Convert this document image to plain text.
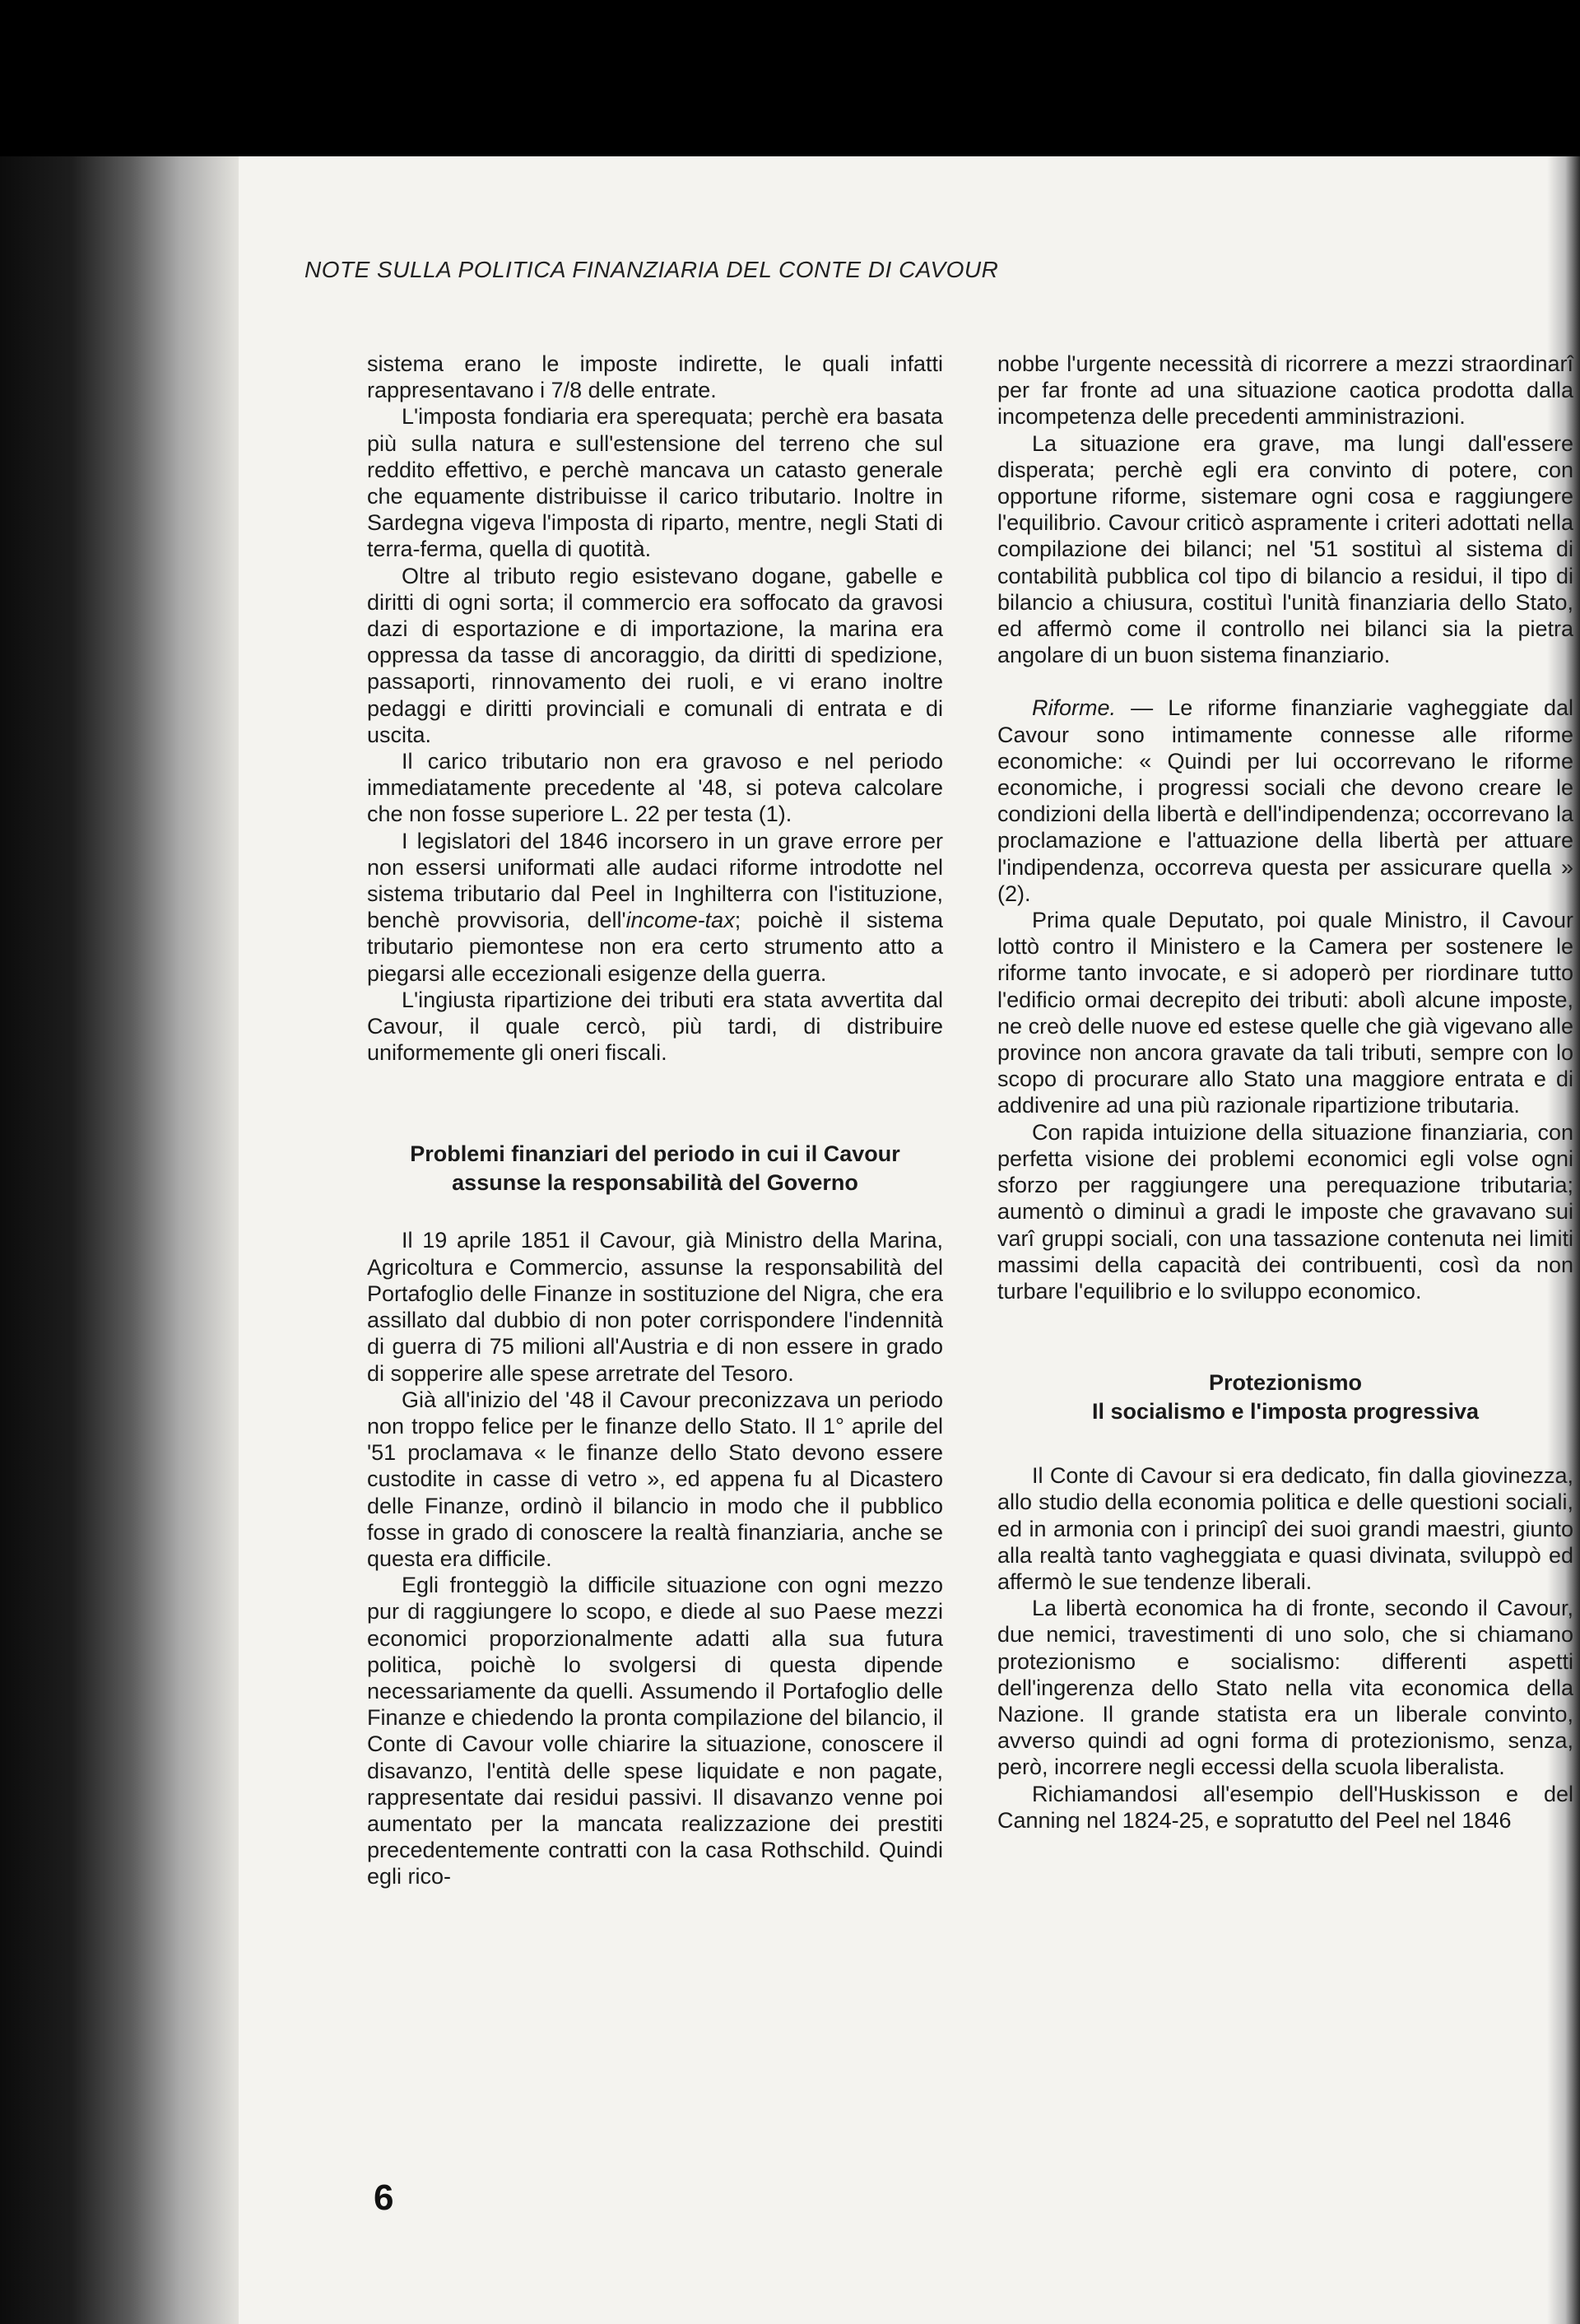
NOTE SULLA POLITICA FINANZIARIA DEL CONTE DI CAVOUR

sistema erano le imposte indirette, le quali infatti rappresentavano i 7/8 delle entrate.

L'imposta fondiaria era sperequata; perchè era basata più sulla natura e sull'estensione del terreno che sul reddito effettivo, e perchè mancava un catasto generale che equamente distribuisse il carico tributario. Inoltre in Sardegna vigeva l'imposta di riparto, mentre, negli Stati di terra-ferma, quella di quotità.

Oltre al tributo regio esistevano dogane, gabelle e diritti di ogni sorta; il commercio era soffocato da gravosi dazi di esportazione e di importazione, la marina era oppressa da tasse di ancoraggio, da diritti di spedizione, passaporti, rinnovamento dei ruoli, e vi erano inoltre pedaggi e diritti provinciali e comunali di entrata e di uscita.

Il carico tributario non era gravoso e nel periodo immediatamente precedente al '48, si poteva calcolare che non fosse superiore L. 22 per testa (1).

I legislatori del 1846 incorsero in un grave errore per non essersi uniformati alle audaci riforme introdotte nel sistema tributario dal Peel in Inghilterra con l'istituzione, benchè provvisoria, dell'income-tax; poichè il sistema tributario piemontese non era certo strumento atto a piegarsi alle eccezionali esigenze della guerra.

L'ingiusta ripartizione dei tributi era stata avvertita dal Cavour, il quale cercò, più tardi, di distribuire uniformemente gli oneri fiscali.

Problemi finanziari del periodo in cui il Cavour
assunse la responsabilità del Governo

Il 19 aprile 1851 il Cavour, già Ministro della Marina, Agricoltura e Commercio, assunse la responsabilità del Portafoglio delle Finanze in sostituzione del Nigra, che era assillato dal dubbio di non poter corrispondere l'indennità di guerra di 75 milioni all'Austria e di non essere in grado di sopperire alle spese arretrate del Tesoro.

Già all'inizio del '48 il Cavour preconizzava un periodo non troppo felice per le finanze dello Stato. Il 1° aprile del '51 proclamava « le finanze dello Stato devono essere custodite in casse di vetro », ed appena fu al Dicastero delle Finanze, ordinò il bilancio in modo che il pubblico fosse in grado di conoscere la realtà finanziaria, anche se questa era difficile.

Egli fronteggiò la difficile situazione con ogni mezzo pur di raggiungere lo scopo, e diede al suo Paese mezzi economici proporzionalmente adatti alla sua futura politica, poichè lo svolgersi di questa dipende necessariamente da quelli. Assumendo il Portafoglio delle Finanze e chiedendo la pronta compilazione del bilancio, il Conte di Cavour volle chiarire la situazione, conoscere il disavanzo, l'entità delle spese liquidate e non pagate, rappresentate dai residui passivi. Il disavanzo venne poi aumentato per la mancata realizzazione dei prestiti precedentemente contratti con la casa Rothschild. Quindi egli rico-

nobbe l'urgente necessità di ricorrere a mezzi straordinarî per far fronte ad una situazione caotica prodotta dalla incompetenza delle precedenti amministrazioni.

La situazione era grave, ma lungi dall'essere disperata; perchè egli era convinto di potere, con opportune riforme, sistemare ogni cosa e raggiungere l'equilibrio. Cavour criticò aspramente i criteri adottati nella compilazione dei bilanci; nel '51 sostituì al sistema di contabilità pubblica col tipo di bilancio a residui, il tipo di bilancio a chiusura, costituì l'unità finanziaria dello Stato, ed affermò come il controllo nei bilanci sia la pietra angolare di un buon sistema finanziario.

Riforme. — Le riforme finanziarie vagheggiate dal Cavour sono intimamente connesse alle riforme economiche: « Quindi per lui occorrevano le riforme economiche, i progressi sociali che devono creare le condizioni della libertà e dell'indipendenza; occorrevano la proclamazione e l'attuazione della libertà per attuare l'indipendenza, occorreva questa per assicurare quella » (2).

Prima quale Deputato, poi quale Ministro, il Cavour lottò contro il Ministero e la Camera per sostenere le riforme tanto invocate, e si adoperò per riordinare tutto l'edificio ormai decrepito dei tributi: abolì alcune imposte, ne creò delle nuove ed estese quelle che già vigevano alle province non ancora gravate da tali tributi, sempre con lo scopo di procurare allo Stato una maggiore entrata e di addivenire ad una più razionale ripartizione tributaria.

Con rapida intuizione della situazione finanziaria, con perfetta visione dei problemi economici egli volse ogni sforzo per raggiungere una perequazione tributaria; aumentò o diminuì a gradi le imposte che gravavano sui varî gruppi sociali, con una tassazione contenuta nei limiti massimi della capacità dei contribuenti, così da non turbare l'equilibrio e lo sviluppo economico.

Protezionismo
Il socialismo e l'imposta progressiva

Il Conte di Cavour si era dedicato, fin dalla giovinezza, allo studio della economia politica e delle questioni sociali, ed in armonia con i principî dei suoi grandi maestri, giunto alla realtà tanto vagheggiata e quasi divinata, sviluppò ed affermò le sue tendenze liberali.

La libertà economica ha di fronte, secondo il Cavour, due nemici, travestimenti di uno solo, che si chiamano protezionismo e socialismo: differenti aspetti dell'ingerenza dello Stato nella vita economica della Nazione. Il grande statista era un liberale convinto, avverso quindi ad ogni forma di protezionismo, senza, però, incorrere negli eccessi della scuola liberalista.

Richiamandosi all'esempio dell'Huskisson e del Canning nel 1824-25, e sopratutto del Peel nel 1846

6
